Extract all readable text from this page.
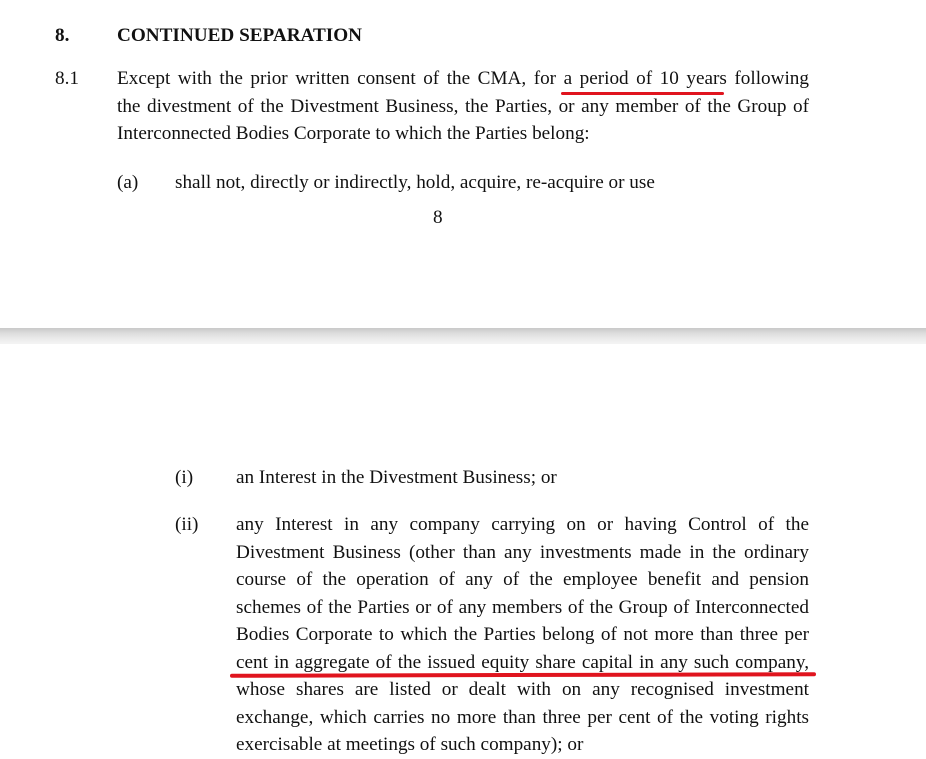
8. CONTINUED SEPARATION
8.1 Except with the prior written consent of the CMA, for a period of 10 years following
the divestment of the Divestment Business, the Parties, or any member of the Group of
Interconnected Bodies Corporate to which the Parties belong:
(a) shall not, directly or indirectly, hold, acquire, re-acquire or use
8
(i) an Interest in the Divestment Business; or
(ii) any Interest in any company carrying on or having Control of the
Divestment Business (other than any investments made in the ordinary
course of the operation of any of the employee benefit and pension
schemes of the Parties or of any members of the Group of Interconnected
Bodies Corporate to which the Parties belong of not more than three per
cent in aggregate of the issued equity share capital in any such company,
whose shares are listed or dealt with on any recognised investment
exchange, which carries no more than three per cent of the voting rights
exercisable at meetings of such company); or
